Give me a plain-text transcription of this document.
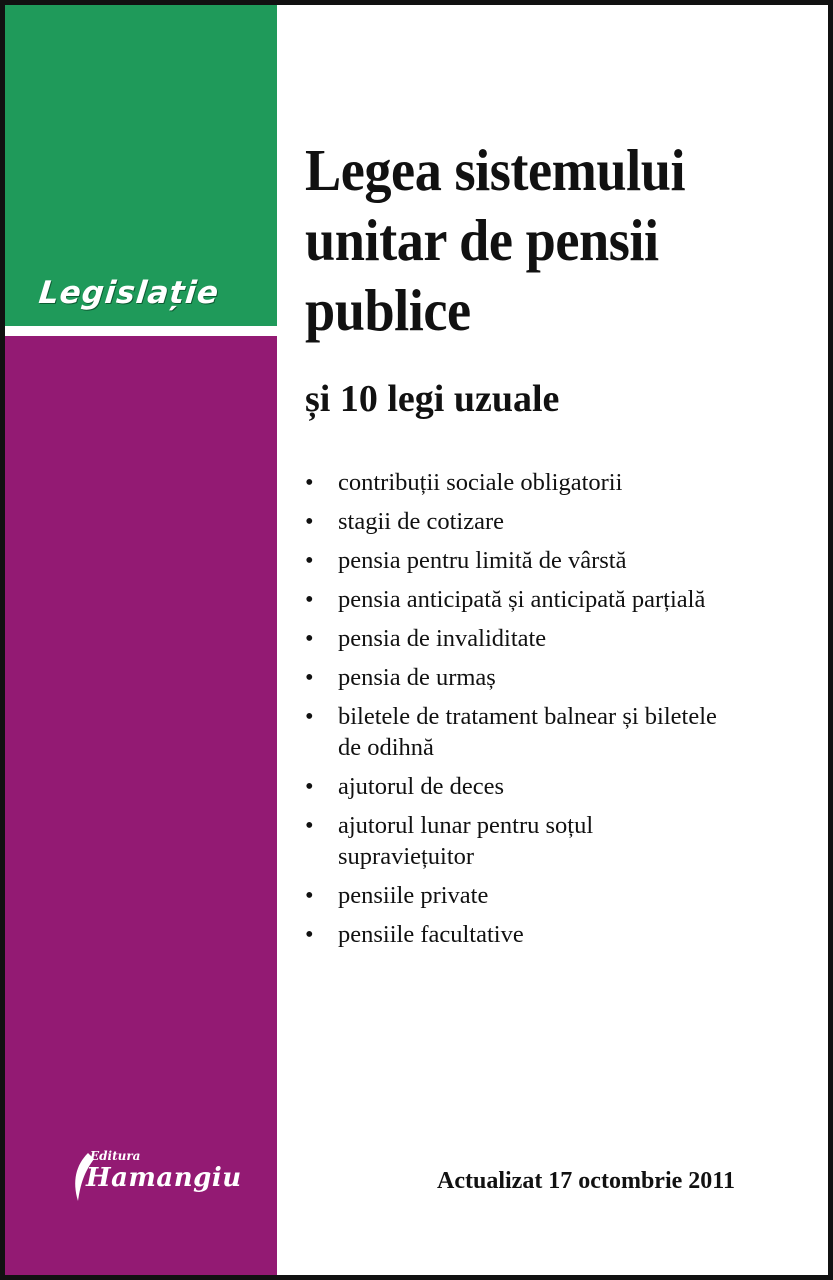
Legislație
Legea sistemului
unitar de pensii
publice
și 10 legi uzuale
• contribuții sociale obligatorii
• stagii de cotizare
• pensia pentru limită de vârstă
• pensia anticipată și anticipată parțială
• pensia de invaliditate
• pensia de urmaș
• biletele de tratament balnear și biletele de odihnă
• ajutorul de deces
• ajutorul lunar pentru soțul supraviețuitor
• pensiile private
• pensiile facultative
Editura
Hamangiu	Actualizat 17 octombrie 2011
